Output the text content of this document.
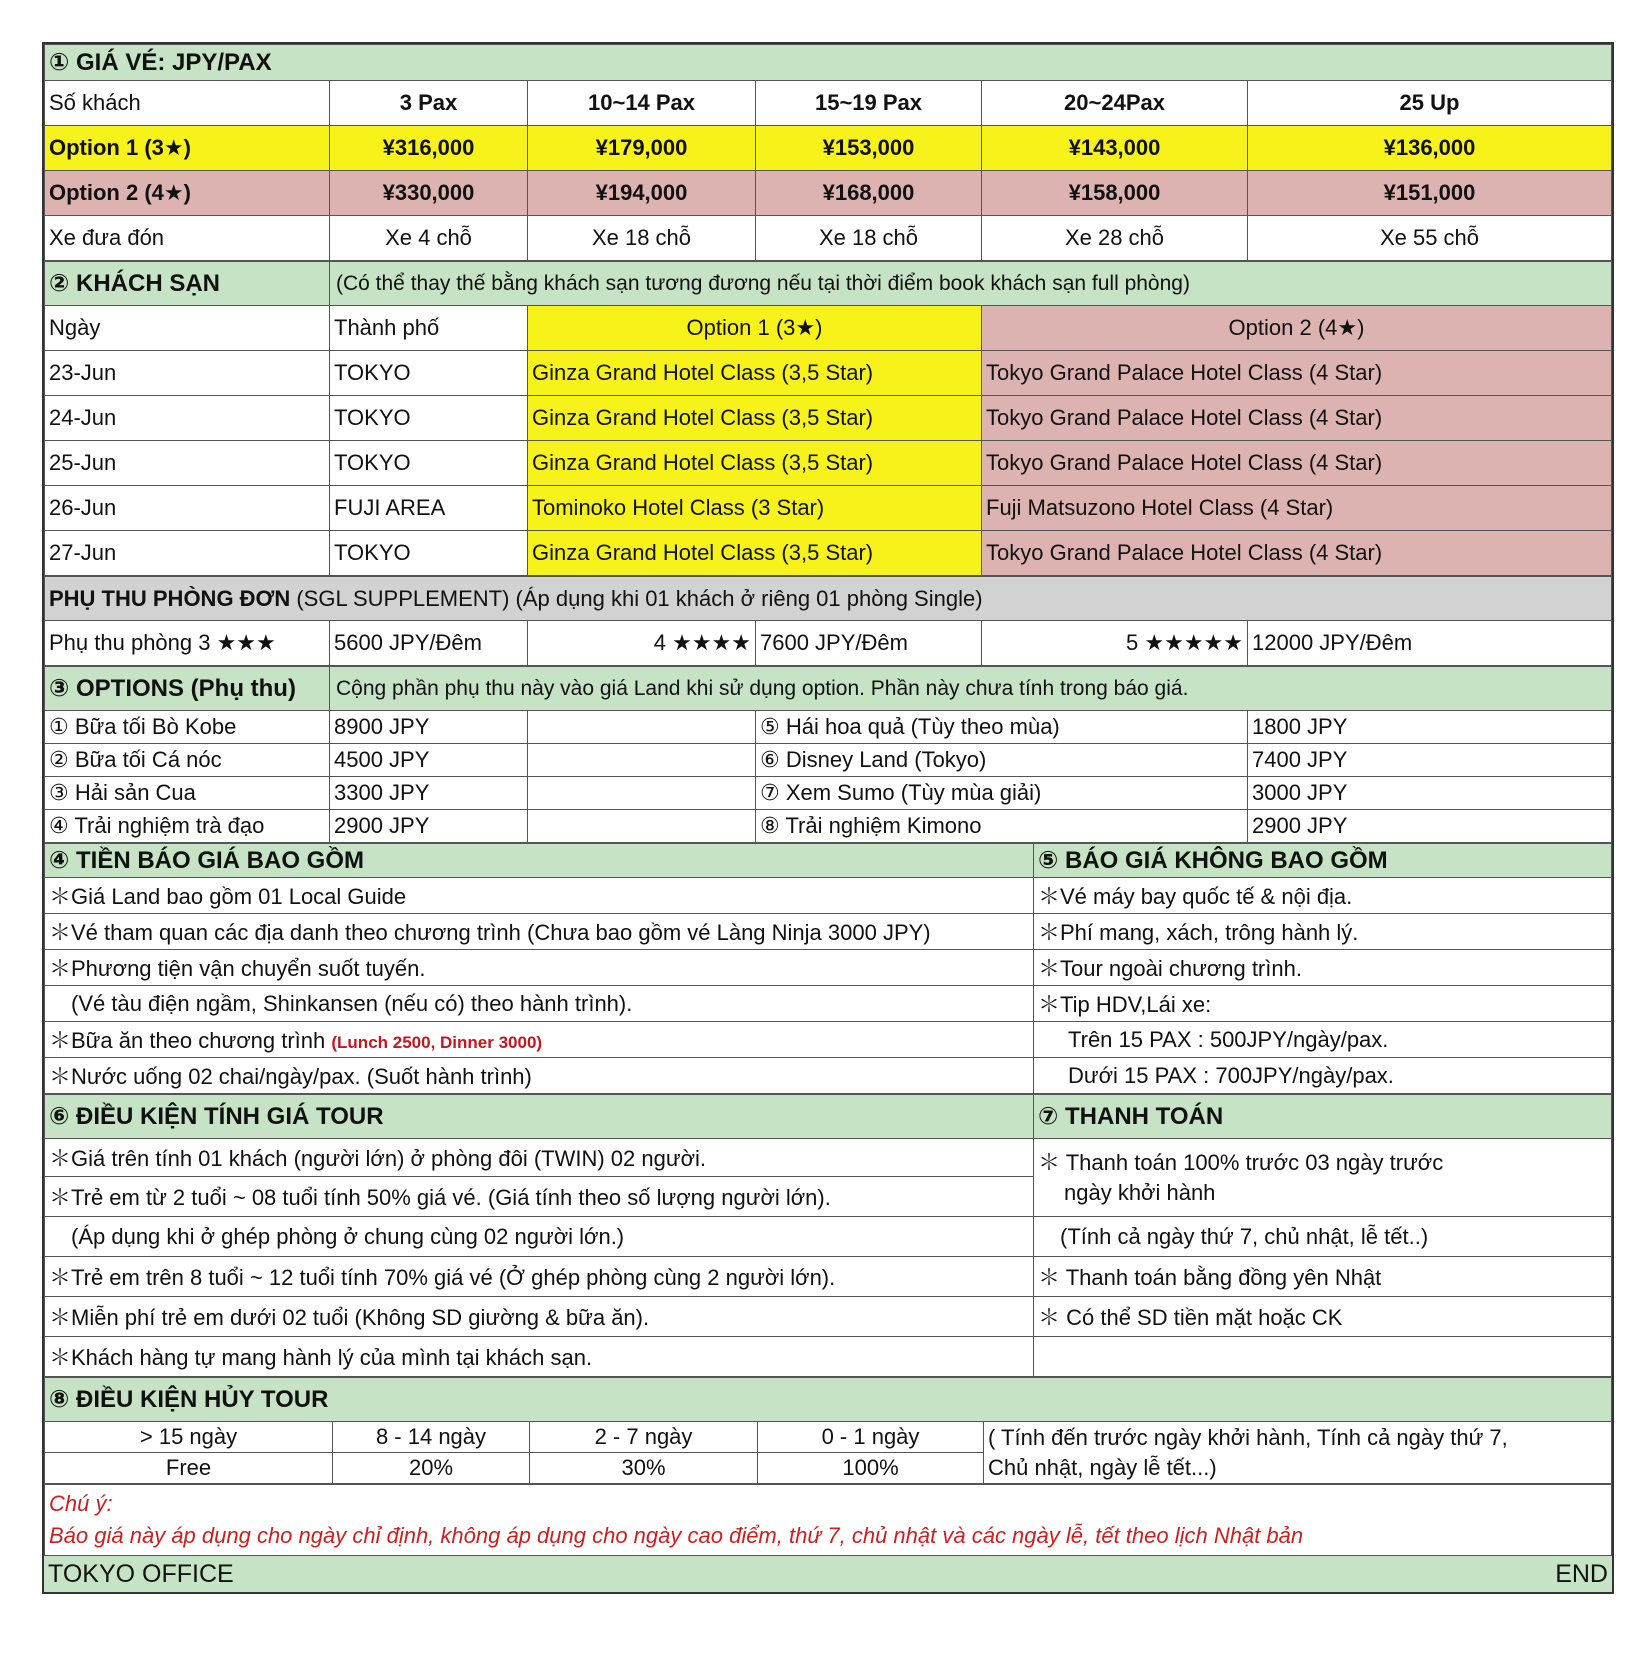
① GIÁ VÉ: JPY/PAX					
Số khách	3 Pax	10~14 Pax	15~19 Pax	20~24Pax	25 Up
Option 1 (3★)	¥316,000	¥179,000	¥153,000	¥143,000	¥136,000
Option 2 (4★)	¥330,000	¥194,000	¥168,000	¥158,000	¥151,000
Xe đưa đón	Xe 4 chỗ	Xe 18 chỗ	Xe 18 chỗ	Xe 28 chỗ	Xe 55 chỗ
② KHÁCH SẠN	(Có thể thay thế bằng khách sạn tương đương nếu tại thời điểm book khách sạn full phòng)		
Ngày	Thành phố	Option 1 (3★)	Option 2 (4★)
23-Jun	TOKYO	Ginza Grand Hotel Class (3,5 Star)	Tokyo Grand Palace Hotel Class (4 Star)
24-Jun	TOKYO	Ginza Grand Hotel Class (3,5 Star)	Tokyo Grand Palace Hotel Class (4 Star)
25-Jun	TOKYO	Ginza Grand Hotel Class (3,5 Star)	Tokyo Grand Palace Hotel Class (4 Star)
26-Jun	FUJI AREA	Tominoko Hotel Class (3 Star)	Fuji Matsuzono Hotel Class (4 Star)
27-Jun	TOKYO	Ginza Grand Hotel Class (3,5 Star)	Tokyo Grand Palace Hotel Class (4 Star)
PHỤ THU PHÒNG ĐƠN (SGL SUPPLEMENT) (Áp dụng khi 01 khách ở riêng 01 phòng Single)
Phụ thu phòng 3 ★★★	5600 JPY/Đêm	4 ★★★★	7600 JPY/Đêm	5 ★★★★★	12000 JPY/Đêm
③ OPTIONS (Phụ thu)	Cộng phần phụ thu này vào giá Land khi sử dụng option. Phần này chưa tính trong báo giá.			
① Bữa tối Bò Kobe	8900 JPY		⑤ Hái hoa quả (Tùy theo mùa)	1800 JPY
② Bữa tối Cá nóc	4500 JPY		⑥ Disney Land (Tokyo)	7400 JPY
③ Hải sản Cua	3300 JPY		⑦ Xem Sumo (Tùy mùa giải)	3000 JPY
④ Trải nghiệm trà đạo	2900 JPY		⑧ Trải nghiệm Kimono	2900 JPY
④ TIỀN BÁO GIÁ BAO GỒM	⑤ BÁO GIÁ KHÔNG BAO GỒM
＊Giá Land bao gồm 01 Local Guide	＊Vé máy bay quốc tế & nội địa.
＊Vé tham quan các địa danh theo chương trình (Chưa bao gồm vé Làng Ninja 3000 JPY)	＊Phí mang, xách, trông hành lý.
＊Phương tiện vận chuyển suốt tuyến.	＊Tour ngoài chương trình.
(Vé tàu điện ngầm, Shinkansen (nếu có) theo hành trình).	＊Tip HDV,Lái xe:
＊Bữa ăn theo chương trình (Lunch 2500, Dinner 3000)	Trên 15 PAX : 500JPY/ngày/pax.
＊Nước uống 02 chai/ngày/pax. (Suốt hành trình)	Dưới 15 PAX : 700JPY/ngày/pax.
⑥ ĐIỀU KIỆN TÍNH GIÁ TOUR	⑦ THANH TOÁN
＊Giá trên tính 01 khách (người lớn) ở phòng đôi (TWIN) 02 người.	＊ Thanh toán 100% trước 03 ngày trước
ngày khởi hành

＊Trẻ em từ 2 tuổi ~ 08 tuổi tính 50% giá vé. (Giá tính theo số lượng người lớn).	
(Áp dụng khi ở ghép phòng ở chung cùng 02 người lớn.)	(Tính cả ngày thứ 7, chủ nhật, lễ tết..)
＊Trẻ em trên 8 tuổi ~ 12 tuổi tính 70% giá vé (Ở ghép phòng cùng 2 người lớn).	＊ Thanh toán bằng đồng yên Nhật
＊Miễn phí trẻ em dưới 02 tuổi (Không SD giường & bữa ăn).	＊ Có thể SD tiền mặt hoặc CK
＊Khách hàng tự mang hành lý của mình tại khách sạn.	
⑧ ĐIỀU KIỆN HỦY TOUR				
> 15 ngày	8 - 14 ngày	2 - 7 ngày	0 - 1 ngày	( Tính đến trước ngày khởi hành, Tính cả ngày thứ 7,
Chủ nhật, ngày lễ tết...)

Free	20%	30%	100%	
Chú ý:
Báo giá này áp dụng cho ngày chỉ định, không áp dụng cho ngày cao điểm, thứ 7, chủ nhật và các ngày lễ, tết theo lịch Nhật bản
TOKYO OFFICE	END
